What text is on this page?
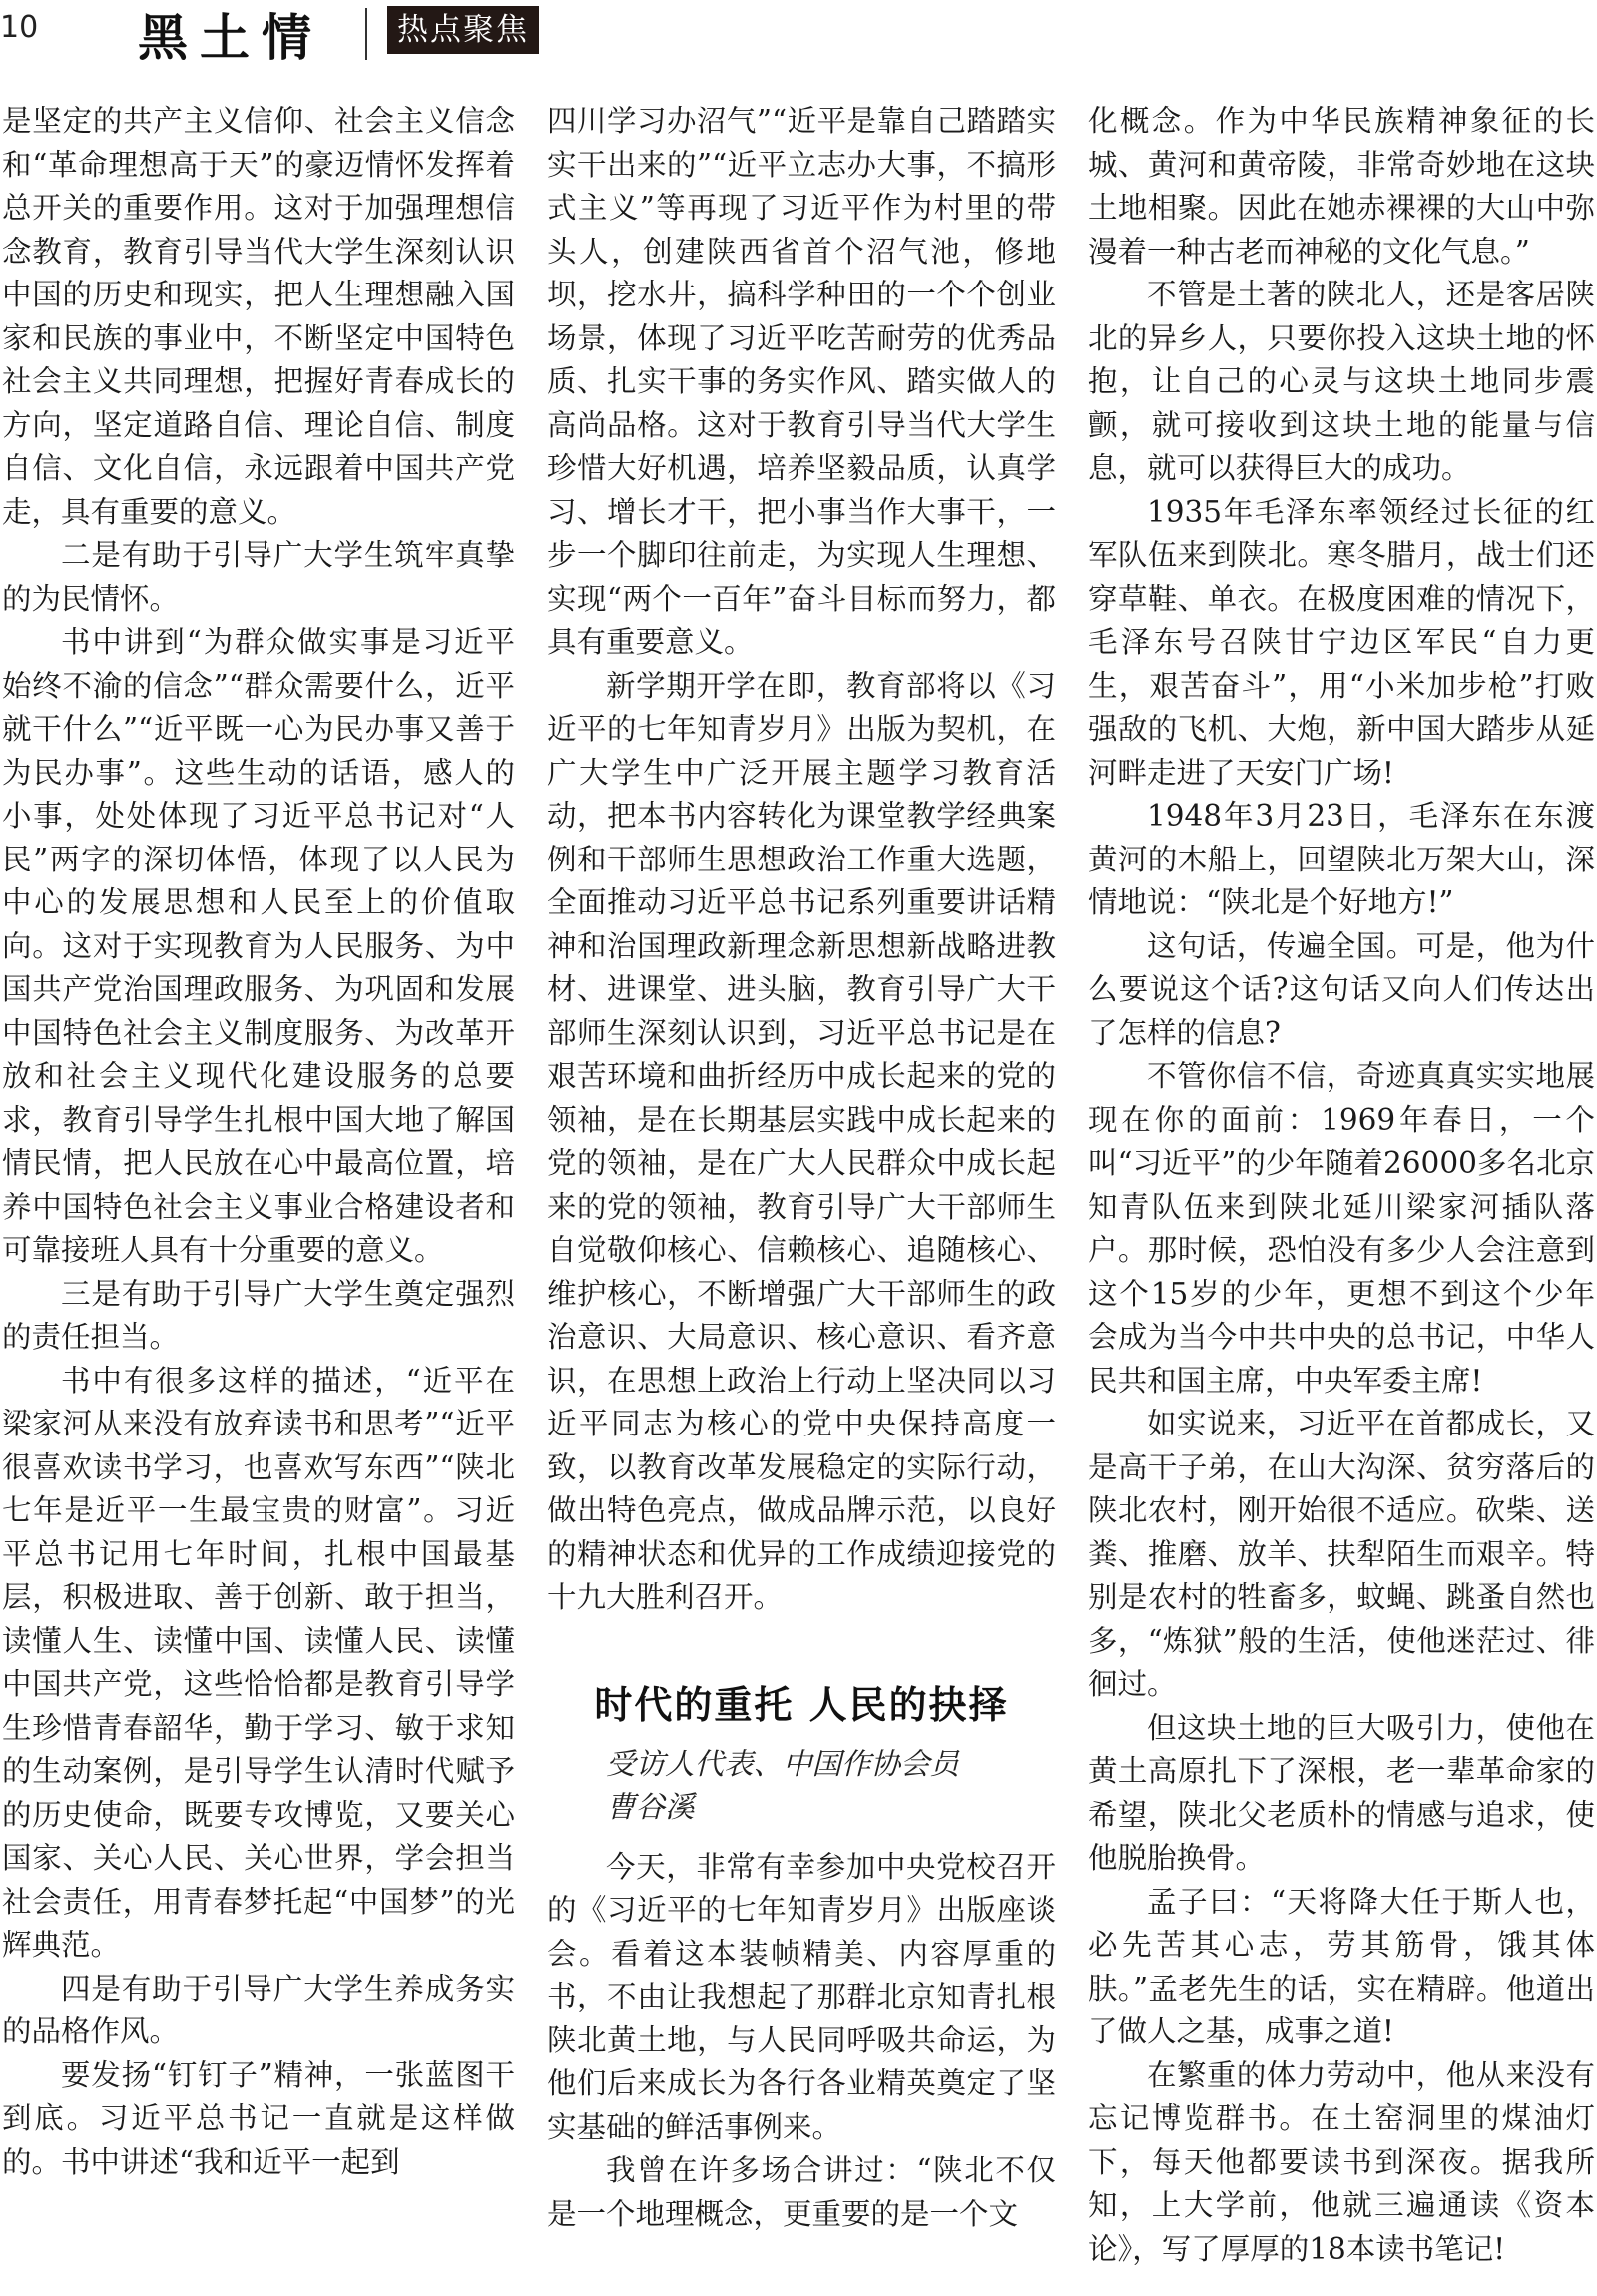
10 黑土情	热点聚焦

是坚定的共产主义信仰、社会主义信念和“革命理想高于天”的豪迈情怀发挥着总开关的重要作用。这对于加强理想信念教育，教育引导当代大学生深刻认识中国的历史和现实，把人生理想融入国家和民族的事业中，不断坚定中国特色社会主义共同理想，把握好青春成长的方向，坚定道路自信、理论自信、制度自信、文化自信，永远跟着中国共产党走，具有重要的意义。

二是有助于引导广大学生筑牢真挚的为民情怀。

书中讲到“为群众做实事是习近平始终不渝的信念”“群众需要什么，近平就干什么”“近平既一心为民办事又善于为民办事”。这些生动的话语，感人的小事，处处体现了习近平总书记对“人民”两字的深切体悟，体现了以人民为中心的发展思想和人民至上的价值取向。这对于实现教育为人民服务、为中国共产党治国理政服务、为巩固和发展中国特色社会主义制度服务、为改革开放和社会主义现代化建设服务的总要求，教育引导学生扎根中国大地了解国情民情，把人民放在心中最高位置，培养中国特色社会主义事业合格建设者和可靠接班人具有十分重要的意义。

三是有助于引导广大学生奠定强烈的责任担当。

书中有很多这样的描述，“近平在梁家河从来没有放弃读书和思考”“近平很喜欢读书学习，也喜欢写东西”“陕北七年是近平一生最宝贵的财富”。习近平总书记用七年时间，扎根中国最基层，积极进取、善于创新、敢于担当，读懂人生、读懂中国、读懂人民、读懂中国共产党，这些恰恰都是教育引导学生珍惜青春韶华，勤于学习、敏于求知的生动案例，是引导学生认清时代赋予的历史使命，既要专攻博览，又要关心国家、关心人民、关心世界，学会担当社会责任，用青春梦托起“中国梦”的光辉典范。

四是有助于引导广大学生养成务实的品格作风。

要发扬“钉钉子”精神，一张蓝图干到底。习近平总书记一直就是这样做的。书中讲述“我和近平一起到

四川学习办沼气”“近平是靠自己踏踏实实干出来的”“近平立志办大事，不搞形式主义”等再现了习近平作为村里的带头人，创建陕西省首个沼气池，修地坝，挖水井，搞科学种田的一个个创业场景，体现了习近平吃苦耐劳的优秀品质、扎实干事的务实作风、踏实做人的高尚品格。这对于教育引导当代大学生珍惜大好机遇，培养坚毅品质，认真学习、增长才干，把小事当作大事干，一步一个脚印往前走，为实现人生理想、实现“两个一百年”奋斗目标而努力，都具有重要意义。

新学期开学在即，教育部将以《习近平的七年知青岁月》出版为契机，在广大学生中广泛开展主题学习教育活动，把本书内容转化为课堂教学经典案例和干部师生思想政治工作重大选题，全面推动习近平总书记系列重要讲话精神和治国理政新理念新思想新战略进教材、进课堂、进头脑，教育引导广大干部师生深刻认识到，习近平总书记是在艰苦环境和曲折经历中成长起来的党的领袖，是在长期基层实践中成长起来的党的领袖，是在广大人民群众中成长起来的党的领袖，教育引导广大干部师生自觉敬仰核心、信赖核心、追随核心、维护核心，不断增强广大干部师生的政治意识、大局意识、核心意识、看齐意识，在思想上政治上行动上坚决同以习近平同志为核心的党中央保持高度一致，以教育改革发展稳定的实际行动，做出特色亮点，做成品牌示范，以良好的精神状态和优异的工作成绩迎接党的十九大胜利召开。

时代的重托 人民的抉择

受访人代表、中国作协会员

曹谷溪

今天，非常有幸参加中央党校召开的《习近平的七年知青岁月》出版座谈会。看着这本装帧精美、内容厚重的书，不由让我想起了那群北京知青扎根陕北黄土地，与人民同呼吸共命运，为他们后来成长为各行各业精英奠定了坚实基础的鲜活事例来。

我曾在许多场合讲过：“陕北不仅是一个地理概念，更重要的是一个文

化概念。作为中华民族精神象征的长城、黄河和黄帝陵，非常奇妙地在这块土地相聚。因此在她赤裸裸的大山中弥漫着一种古老而神秘的文化气息。”

不管是土著的陕北人，还是客居陕北的异乡人，只要你投入这块土地的怀抱，让自己的心灵与这块土地同步震颤，就可接收到这块土地的能量与信息，就可以获得巨大的成功。

1935年毛泽东率领经过长征的红军队伍来到陕北。寒冬腊月，战士们还穿草鞋、单衣。在极度困难的情况下，毛泽东号召陕甘宁边区军民“自力更生，艰苦奋斗”，用“小米加步枪”打败强敌的飞机、大炮，新中国大踏步从延河畔走进了天安门广场!

1948年3月23日，毛泽东在东渡黄河的木船上，回望陕北万架大山，深情地说：“陕北是个好地方!”

这句话，传遍全国。可是，他为什么要说这个话?这句话又向人们传达出了怎样的信息?

不管你信不信，奇迹真真实实地展现在你的面前：1969年春日，一个叫“习近平”的少年随着26000多名北京知青队伍来到陕北延川梁家河插队落户。那时候，恐怕没有多少人会注意到这个15岁的少年，更想不到这个少年会成为当今中共中央的总书记，中华人民共和国主席，中央军委主席!

如实说来，习近平在首都成长，又是高干子弟，在山大沟深、贫穷落后的陕北农村，刚开始很不适应。砍柴、送粪、推磨、放羊、扶犁陌生而艰辛。特别是农村的牲畜多，蚊蝇、跳蚤自然也多，“炼狱”般的生活，使他迷茫过、徘徊过。

但这块土地的巨大吸引力，使他在黄土高原扎下了深根，老一辈革命家的希望，陕北父老质朴的情感与追求，使他脱胎换骨。

孟子曰：“天将降大任于斯人也，必先苦其心志，劳其筋骨，饿其体肤。”孟老先生的话，实在精辟。他道出了做人之基，成事之道!

在繁重的体力劳动中，他从来没有忘记博览群书。在土窑洞里的煤油灯下，每天他都要读书到深夜。据我所知，上大学前，他就三遍通读《资本论》，写了厚厚的18本读书笔记!
